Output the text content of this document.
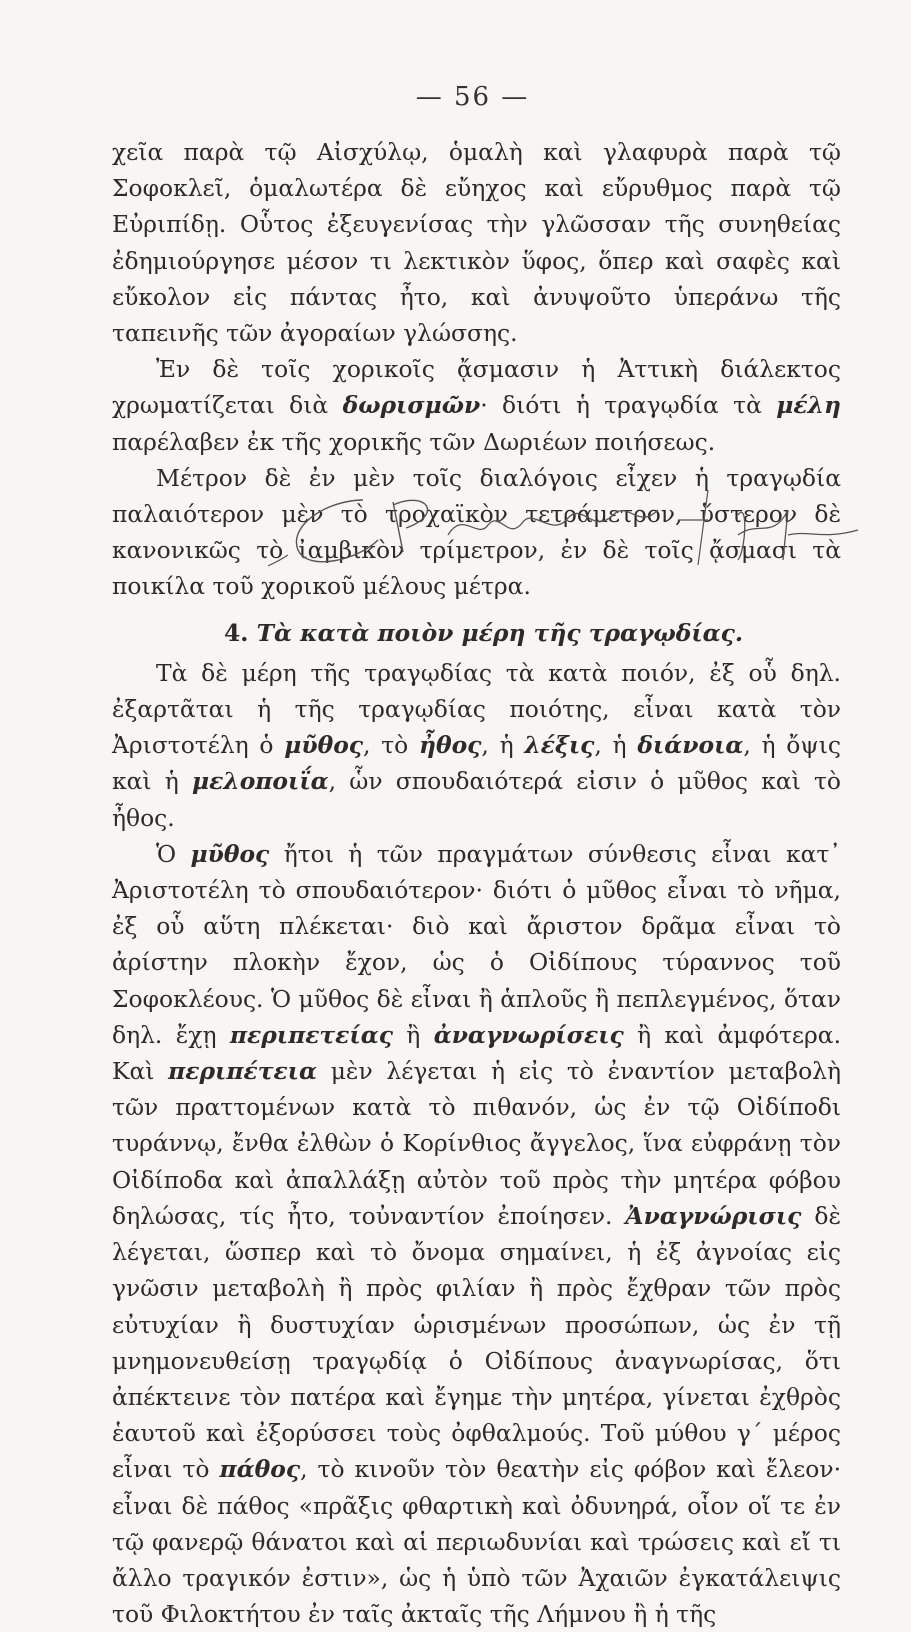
— 56 —

χεῖα παρὰ τῷ Αἰσχύλῳ, ὁμαλὴ καὶ γλαφυρὰ παρὰ τῷ Σοφοκλεῖ, ὁμαλωτέρα δὲ εὔηχος καὶ εὔρυθμος παρὰ τῷ Εὐριπίδῃ. Οὗτος ἐξευγενίσας τὴν γλῶσσαν τῆς συνηθείας ἐδημιούργησε μέσον τι λεκτικὸν ὕφος, ὅπερ καὶ σαφὲς καὶ εὔκολον εἰς πάντας ἦτο, καὶ ἀνυψοῦτο ὑπεράνω τῆς ταπεινῆς τῶν ἀγοραίων γλώσσης.

Ἐν δὲ τοῖς χορικοῖς ᾄσμασιν ἡ Ἀττικὴ διάλεκτος χρωματίζεται διὰ δωρισμῶν· διότι ἡ τραγῳδία τὰ μέλη παρέλαβεν ἐκ τῆς χορικῆς τῶν Δωριέων ποιήσεως.

Μέτρον δὲ ἐν μὲν τοῖς διαλόγοις εἶχεν ἡ τραγῳδία παλαιότερον μὲν τὸ τροχαϊκὸν τετράμετρον, ὕστερον δὲ κανονικῶς τὸ ἰαμβικὸν τρίμετρον, ἐν δὲ τοῖς ᾄσμασι τὰ ποικίλα τοῦ χορικοῦ μέλους μέτρα.

4. Τὰ κατὰ ποιὸν μέρη τῆς τραγῳδίας.

Τὰ δὲ μέρη τῆς τραγῳδίας τὰ κατὰ ποιόν, ἐξ οὗ δηλ. ἐξαρτᾶται ἡ τῆς τραγῳδίας ποιότης, εἶναι κατὰ τὸν Ἀριστοτέλη ὁ μῦθος, τὸ ἦθος, ἡ λέξις, ἡ διάνοια, ἡ ὄψις καὶ ἡ μελοποιΐα, ὧν σπουδαιότερά εἰσιν ὁ μῦθος καὶ τὸ ἦθος.

Ὁ μῦθος ἤτοι ἡ τῶν πραγμάτων σύνθεσις εἶναι κατ᾽ Ἀριστοτέλη τὸ σπουδαιότερον· διότι ὁ μῦθος εἶναι τὸ νῆμα, ἐξ οὗ αὕτη πλέκεται· διὸ καὶ ἄριστον δρᾶμα εἶναι τὸ ἀρίστην πλοκὴν ἔχον, ὡς ὁ Οἰδίπους τύραννος τοῦ Σοφοκλέους. Ὁ μῦθος δὲ εἶναι ἢ ἁπλοῦς ἢ πεπλεγμένος, ὅταν δηλ. ἔχῃ περιπετείας ἢ ἀναγνωρίσεις ἢ καὶ ἀμφότερα. Καὶ περιπέτεια μὲν λέγεται ἡ εἰς τὸ ἐναντίον μεταβολὴ τῶν πραττομένων κατὰ τὸ πιθανόν, ὡς ἐν τῷ Οἰδίποδι τυράννῳ, ἔνθα ἐλθὼν ὁ Κορίνθιος ἄγγελος, ἵνα εὐφράνῃ τὸν Οἰδίποδα καὶ ἀπαλλάξῃ αὐτὸν τοῦ πρὸς τὴν μητέρα φόβου δηλώσας, τίς ἦτο, τοὐναντίον ἐποίησεν. Ἀναγνώρισις δὲ λέγεται, ὥσπερ καὶ τὸ ὄνομα σημαίνει, ἡ ἐξ ἀγνοίας εἰς γνῶσιν μεταβολὴ ἢ πρὸς φιλίαν ἢ πρὸς ἔχθραν τῶν πρὸς εὐτυχίαν ἢ δυστυχίαν ὡρισμένων προσώπων, ὡς ἐν τῇ μνημονευθείσῃ τραγῳδίᾳ ὁ Οἰδίπους ἀναγνωρίσας, ὅτι ἀπέκτεινε τὸν πατέρα καὶ ἔγημε τὴν μητέρα, γίνεται ἐχθρὸς ἑαυτοῦ καὶ ἐξορύσσει τοὺς ὀφθαλμούς. Τοῦ μύθου γ´ μέρος εἶναι τὸ πάθος, τὸ κινοῦν τὸν θεατὴν εἰς φόβον καὶ ἔλεον· εἶναι δὲ πάθος «πρᾶξις φθαρτικὴ καὶ ὀδυνηρά, οἷον οἵ τε ἐν τῷ φανερῷ θάνατοι καὶ αἱ περιωδυνίαι καὶ τρώσεις καὶ εἴ τι ἄλλο τραγικόν ἐστιν», ὡς ἡ ὑπὸ τῶν Ἀχαιῶν ἐγκατάλειψις τοῦ Φιλοκτήτου ἐν ταῖς ἀκταῖς τῆς Λήμνου ἢ ἡ τῆς
